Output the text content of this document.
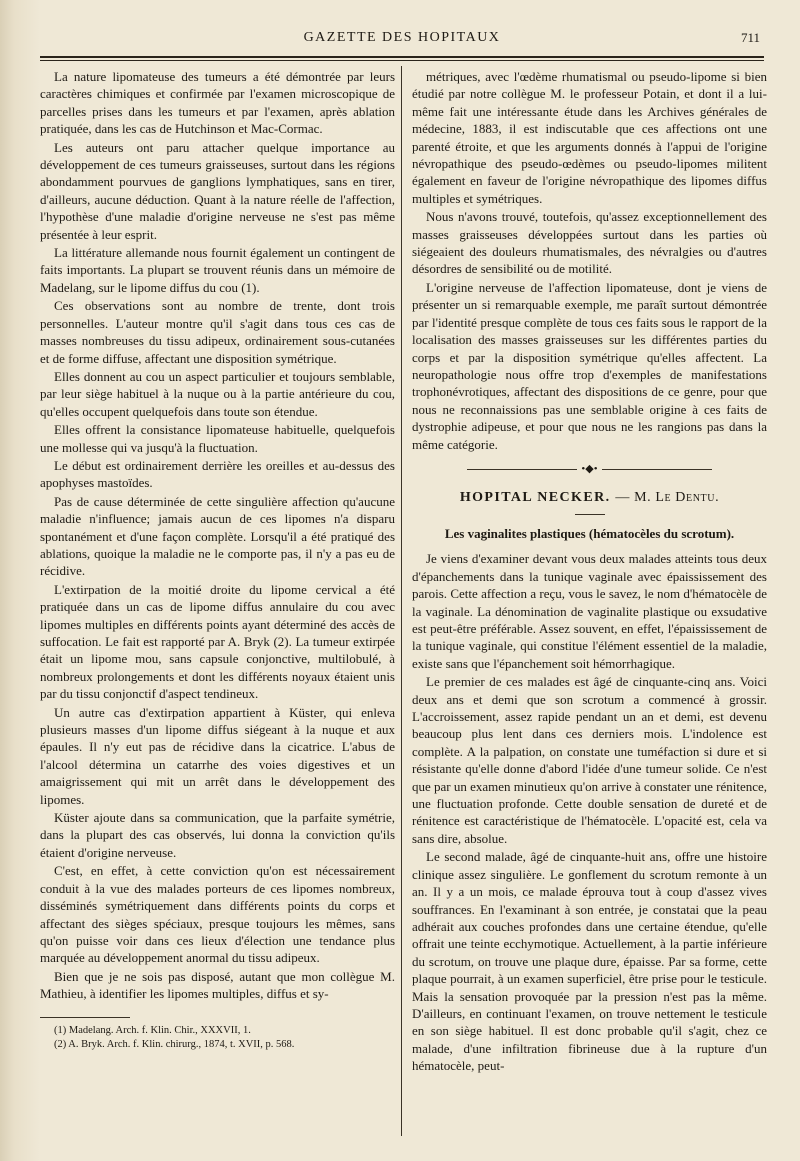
GAZETTE DES HOPITAUX	711

La nature lipomateuse des tumeurs a été démontrée par leurs caractères chimiques et confirmée par l'examen microscopique de parcelles prises dans les tumeurs et par l'examen, après ablation pratiquée, dans les cas de Hutchinson et Mac-Cormac.

Les auteurs ont paru attacher quelque importance au développement de ces tumeurs graisseuses, surtout dans les régions abondamment pourvues de ganglions lymphatiques, sans en tirer, d'ailleurs, aucune déduction. Quant à la nature réelle de l'affection, l'hypothèse d'une maladie d'origine nerveuse ne s'est pas même présentée à leur esprit.

La littérature allemande nous fournit également un contingent de faits importants. La plupart se trouvent réunis dans un mémoire de Madelang, sur le lipome diffus du cou (1).

Ces observations sont au nombre de trente, dont trois personnelles. L'auteur montre qu'il s'agit dans tous ces cas de masses nombreuses du tissu adipeux, ordinairement sous-cutanées et de forme diffuse, affectant une disposition symétrique.

Elles donnent au cou un aspect particulier et toujours semblable, par leur siège habituel à la nuque ou à la partie antérieure du cou, qu'elles occupent quelquefois dans toute son étendue.

Elles offrent la consistance lipomateuse habituelle, quelquefois une mollesse qui va jusqu'à la fluctuation.

Le début est ordinairement derrière les oreilles et au-dessus des apophyses mastoïdes.

Pas de cause déterminée de cette singulière affection qu'aucune maladie n'influence; jamais aucun de ces lipomes n'a disparu spontanément et d'une façon complète. Lorsqu'il a été pratiqué des ablations, quoique la maladie ne le comporte pas, il n'y a pas eu de récidive.

L'extirpation de la moitié droite du lipome cervical a été pratiquée dans un cas de lipome diffus annulaire du cou avec lipomes multiples en différents points ayant déterminé des accès de suffocation. Le fait est rapporté par A. Bryk (2). La tumeur extirpée était un lipome mou, sans capsule conjonctive, multilobulé, à nombreux prolongements et dont les différents noyaux étaient unis par du tissu conjonctif d'aspect tendineux.

Un autre cas d'extirpation appartient à Küster, qui enleva plusieurs masses d'un lipome diffus siégeant à la nuque et aux épaules. Il n'y eut pas de récidive dans la cicatrice. L'abus de l'alcool détermina un catarrhe des voies digestives et un amaigrissement qui mit un arrêt dans le développement des lipomes.

Küster ajoute dans sa communication, que la parfaite symétrie, dans la plupart des cas observés, lui donna la conviction qu'ils étaient d'origine nerveuse.

C'est, en effet, à cette conviction qu'on est nécessairement conduit à la vue des malades porteurs de ces lipomes nombreux, disséminés symétriquement dans différents points du corps et affectant des sièges spéciaux, presque toujours les mêmes, sans qu'on puisse voir dans ces lieux d'élection une tendance plus marquée au développement anormal du tissu adipeux.

Bien que je ne sois pas disposé, autant que mon collègue M. Mathieu, à identifier les lipomes multiples, diffus et sy-

(1) Madelang. Arch. f. Klin. Chir., XXXVII, 1.

(2) A. Bryk. Arch. f. Klin. chirurg., 1874, t. XVII, p. 568.

métriques, avec l'œdème rhumatismal ou pseudo-lipome si bien étudié par notre collègue M. le professeur Potain, et dont il a lui-même fait une intéressante étude dans les Archives générales de médecine, 1883, il est indiscutable que ces affections ont une parenté étroite, et que les arguments donnés à l'appui de l'origine névropathique des pseudo-œdèmes ou pseudo-lipomes militent également en faveur de l'origine névropathique des lipomes diffus multiples et symétriques.

Nous n'avons trouvé, toutefois, qu'assez exceptionnellement des masses graisseuses développées surtout dans les parties où siégeaient des douleurs rhumatismales, des névralgies ou d'autres désordres de sensibilité ou de motilité.

L'origine nerveuse de l'affection lipomateuse, dont je viens de présenter un si remarquable exemple, me paraît surtout démontrée par l'identité presque complète de tous ces faits sous le rapport de la localisation des masses graisseuses sur les différentes parties du corps et par la disposition symétrique qu'elles affectent. La neuropathologie nous offre trop d'exemples de manifestations trophonévrotiques, affectant des dispositions de ce genre, pour que nous ne reconnaissions pas une semblable origine à ces faits de dystrophie adipeuse, et pour que nous ne les rangions pas dans la même catégorie.

•◆•
HOPITAL NECKER. — M. Le Dentu.
Les vaginalites plastiques (hématocèles du scrotum).

Je viens d'examiner devant vous deux malades atteints tous deux d'épanchements dans la tunique vaginale avec épaississement des parois. Cette affection a reçu, vous le savez, le nom d'hématocèle de la vaginale. La dénomination de vaginalite plastique ou exsudative est peut-être préférable. Assez souvent, en effet, l'épaississement de la tunique vaginale, qui constitue l'élément essentiel de la maladie, existe sans que l'épanchement soit hémorrhagique.

Le premier de ces malades est âgé de cinquante-cinq ans. Voici deux ans et demi que son scrotum a commencé à grossir. L'accroissement, assez rapide pendant un an et demi, est devenu beaucoup plus lent dans ces derniers mois. L'indolence est complète. A la palpation, on constate une tuméfaction si dure et si résistante qu'elle donne d'abord l'idée d'une tumeur solide. Ce n'est que par un examen minutieux qu'on arrive à constater une rénitence, une fluctuation profonde. Cette double sensation de dureté et de rénitence est caractéristique de l'hématocèle. L'opacité est, cela va sans dire, absolue.

Le second malade, âgé de cinquante-huit ans, offre une histoire clinique assez singulière. Le gonflement du scrotum remonte à un an. Il y a un mois, ce malade éprouva tout à coup d'assez vives souffrances. En l'examinant à son entrée, je constatai que la peau adhérait aux couches profondes dans une certaine étendue, qu'elle offrait une teinte ecchymotique. Actuellement, à la partie inférieure du scrotum, on trouve une plaque dure, épaisse. Par sa forme, cette plaque pourrait, à un examen superficiel, être prise pour le testicule. Mais la sensation provoquée par la pression n'est pas la même. D'ailleurs, en continuant l'examen, on trouve nettement le testicule en son siège habituel. Il est donc probable qu'il s'agit, chez ce malade, d'une infiltration fibrineuse due à la rupture d'un hématocèle, peut-
